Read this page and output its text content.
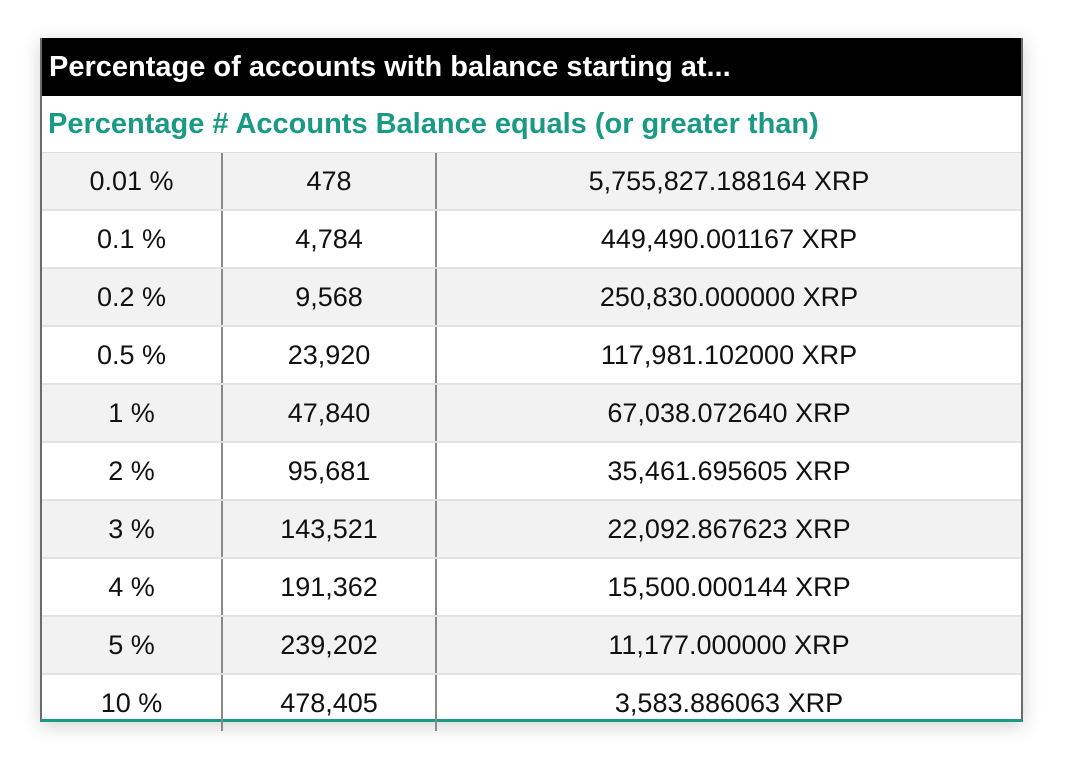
Percentage of accounts with balance starting at...
Percentage # Accounts Balance equals (or greater than)
0.01 %	478	5,755,827.188164 XRP
0.1 %	4,784	449,490.001167 XRP
0.2 %	9,568	250,830.000000 XRP
0.5 %	23,920	117,981.102000 XRP
1 %	47,840	67,038.072640 XRP
2 %	95,681	35,461.695605 XRP
3 %	143,521	22,092.867623 XRP
4 %	191,362	15,500.000144 XRP
5 %	239,202	11,177.000000 XRP
10 %	478,405	3,583.886063 XRP
